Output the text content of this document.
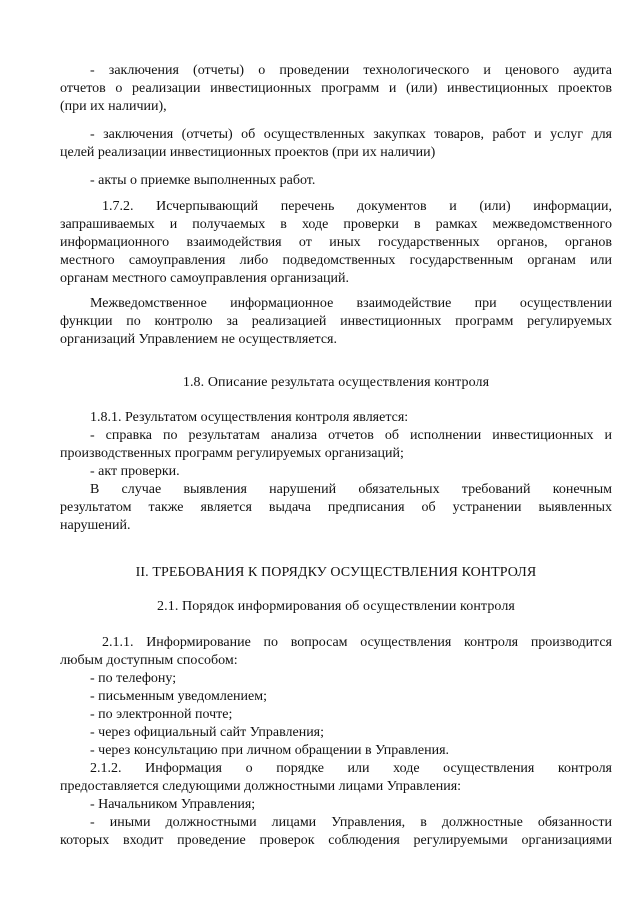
- заключения (отчеты) о проведении технологического и ценового аудита
отчетов о реализации инвестиционных программ и (или) инвестиционных проектов
(при их наличии),
- заключения (отчеты) об осуществленных закупках товаров, работ и услуг для
целей реализации инвестиционных проектов (при их наличии)
- акты о приемке выполненных работ.
1.7.2. Исчерпывающий перечень документов и (или) информации,
запрашиваемых и получаемых в ходе проверки в рамках межведомственного
информационного взаимодействия от иных государственных органов, органов
местного самоуправления либо подведомственных государственным органам или
органам местного самоуправления организаций.
Межведомственное информационное взаимодействие при осуществлении
функции по контролю за реализацией инвестиционных программ регулируемых
организаций Управлением не осуществляется.
1.8. Описание результата осуществления контроля
1.8.1. Результатом осуществления контроля является:
- справка по результатам анализа отчетов об исполнении инвестиционных и
производственных программ регулируемых организаций;
- акт проверки.
В случае выявления нарушений обязательных требований конечным
результатом также является выдача предписания об устранении выявленных
нарушений.
II. ТРЕБОВАНИЯ К ПОРЯДКУ ОСУЩЕСТВЛЕНИЯ КОНТРОЛЯ
2.1. Порядок информирования об осуществлении контроля
2.1.1. Информирование по вопросам осуществления контроля производится
любым доступным способом:
- по телефону;
- письменным уведомлением;
- по электронной почте;
- через официальный сайт Управления;
- через консультацию при личном обращении в Управления.
2.1.2. Информация о порядке или ходе осуществления контроля
предоставляется следующими должностными лицами Управления:
- Начальником Управления;
- иными должностными лицами Управления, в должностные обязанности
которых входит проведение проверок соблюдения регулируемыми организациями
